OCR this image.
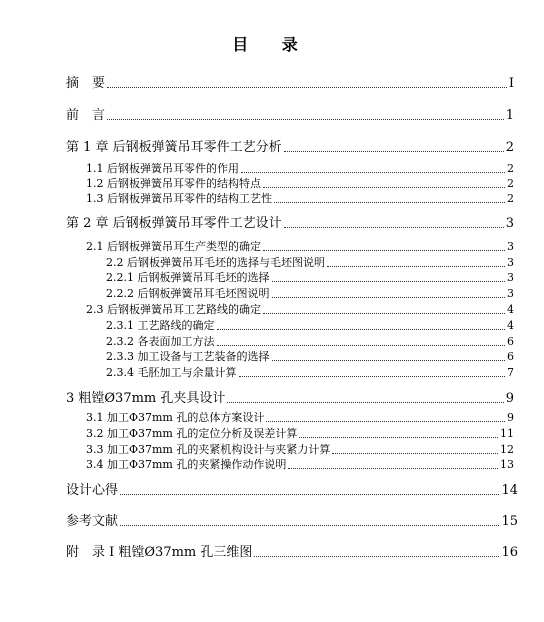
目 录
摘　要	I
前　言	1
第 1 章 后钢板弹簧吊耳零件工艺分析	2
1.1 后钢板弹簧吊耳零件的作用	2
1.2 后钢板弹簧吊耳零件的结构特点	2
1.3 后钢板弹簧吊耳零件的结构工艺性	2
第 2 章 后钢板弹簧吊耳零件工艺设计	3
2.1 后钢板弹簧吊耳生产类型的确定	3
2.2 后钢板弹簧吊耳毛坯的选择与毛坯图说明	3
2.2.1 后钢板弹簧吊耳毛坯的选择	3
2.2.2 后钢板弹簧吊耳毛坯图说明	3
2.3 后钢板弹簧吊耳工艺路线的确定	4
2.3.1 工艺路线的确定	4
2.3.2 各表面加工方法	6
2.3.3 加工设备与工艺装备的选择	6
2.3.4 毛胚加工与余量计算	7
3 粗镗Ø37mm 孔夹具设计	9
3.1 加工Φ37mm 孔的总体方案设计	9
3.2 加工Φ37mm 孔的定位分析及误差计算	11
3.3 加工Φ37mm 孔的夹紧机构设计与夹紧力计算	12
3.4 加工Φ37mm 孔的夹紧操作动作说明	13
设计心得	14
参考文献	15
附　录 Ⅰ 粗镗Ø37mm 孔三维图	16
